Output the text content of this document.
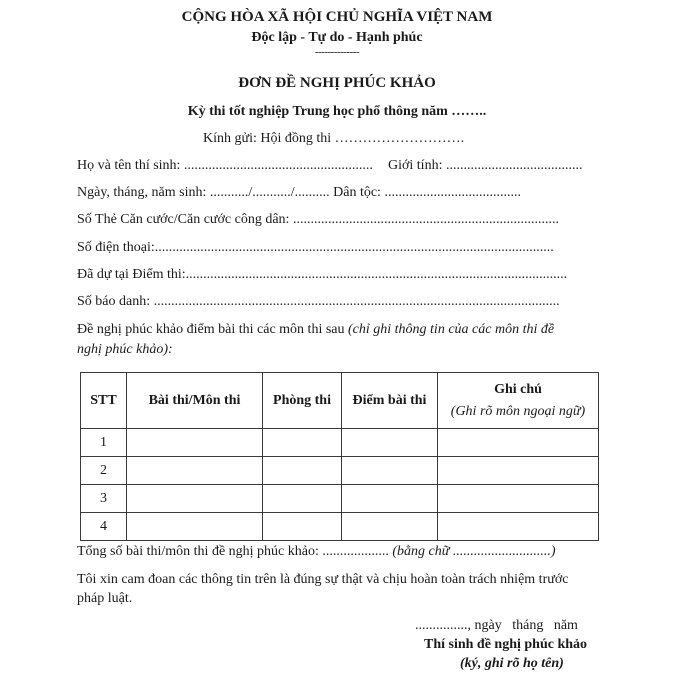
CỘNG HÒA XÃ HỘI CHỦ NGHĨA VIỆT NAM
Độc lập - Tự do - Hạnh phúc
--------------
ĐƠN ĐỀ NGHỊ PHÚC KHẢO
Kỳ thi tốt nghiệp Trung học phổ thông năm ……..
Kính gửi: Hội đồng thi ……………………….
Họ và tên thí sinh: ...................................................... Giới tính: .......................................
Ngày, tháng, năm sinh: .........../.........../.......... Dân tộc: .......................................
Số Thẻ Căn cước/Căn cước công dân: ............................................................................
Số điện thoại:..................................................................................................................
Đã dự tại Điểm thi:.............................................................................................................
Số báo danh: ....................................................................................................................
Đề nghị phúc khảo điểm bài thi các môn thi sau (chỉ ghi thông tin của các môn thi đề
nghị phúc khảo):
STT	Bài thi/Môn thi	Phòng thi	Điểm bài thi	Ghi chú
(Ghi rõ môn ngoại ngữ)

1				
2				
3				
4				
Tổng số bài thi/môn thi đề nghị phúc khảo: ................... (bằng chữ ............................)
Tôi xin cam đoan các thông tin trên là đúng sự thật và chịu hoàn toàn trách nhiệm trước
pháp luật.
..............., ngày   tháng   năm
Thí sinh đề nghị phúc khảo
(ký, ghi rõ họ tên)
